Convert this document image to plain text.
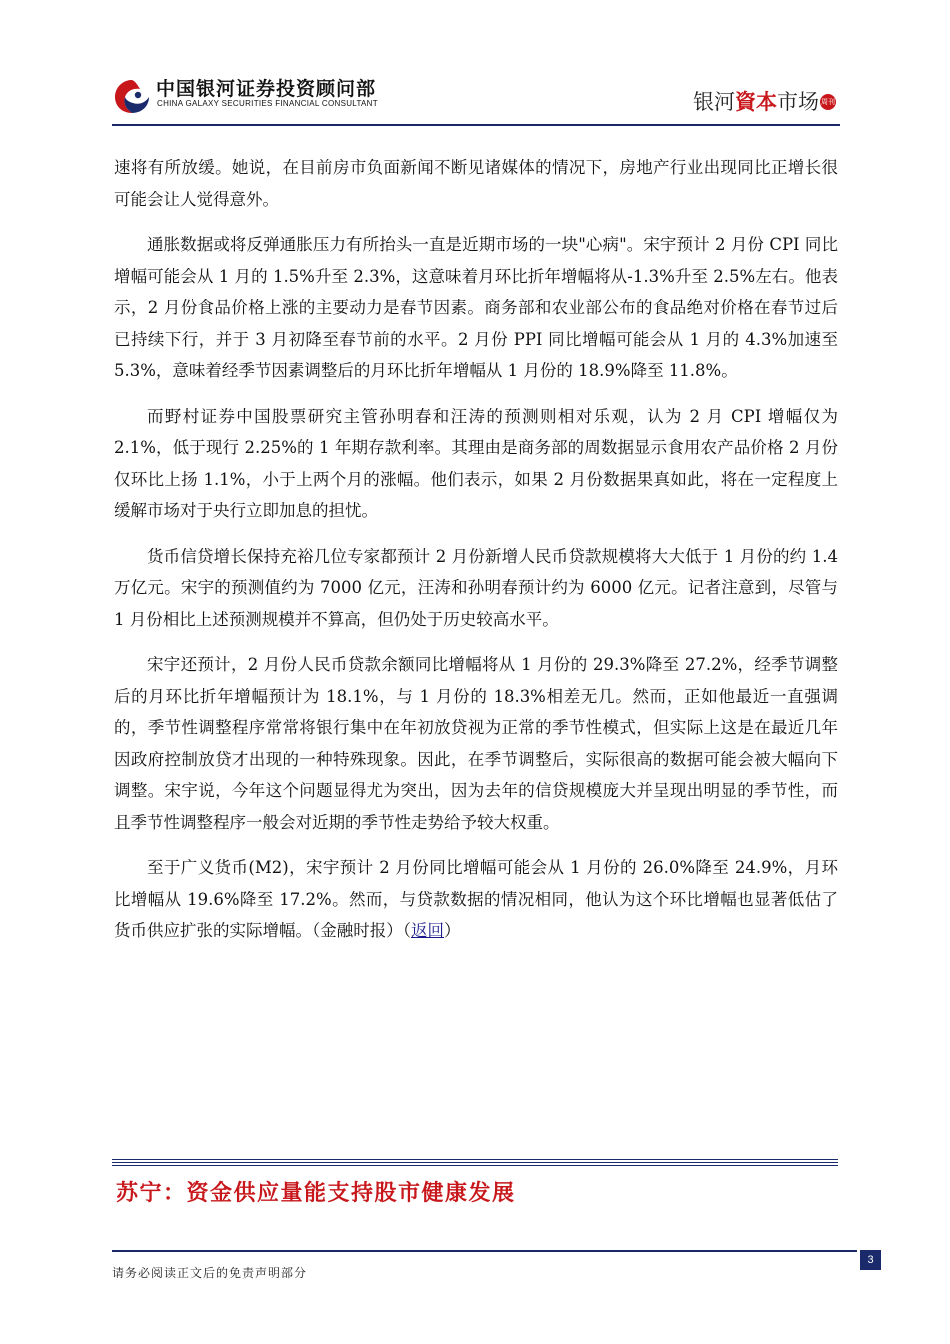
中国银河证券投资顾问部
CHINA GALAXY SECURITIES FINANCIAL CONSULTANT	银河資本市场 周刊

速将有所放缓。她说，在目前房市负面新闻不断见诸媒体的情况下，房地产行业出现同比正增长很可能会让人觉得意外。

通胀数据或将反弹通胀压力有所抬头一直是近期市场的一块"心病"。宋宇预计 2 月份 CPI 同比增幅可能会从 1 月的 1.5%升至 2.3%，这意味着月环比折年增幅将从-1.3%升至 2.5%左右。他表示，2 月份食品价格上涨的主要动力是春节因素。商务部和农业部公布的食品绝对价格在春节过后已持续下行，并于 3 月初降至春节前的水平。2 月份 PPI 同比增幅可能会从 1 月的 4.3%加速至 5.3%，意味着经季节因素调整后的月环比折年增幅从 1 月份的 18.9%降至 11.8%。

而野村证券中国股票研究主管孙明春和汪涛的预测则相对乐观，认为 2 月 CPI 增幅仅为 2.1%，低于现行 2.25%的 1 年期存款利率。其理由是商务部的周数据显示食用农产品价格 2 月份仅环比上扬 1.1%，小于上两个月的涨幅。他们表示，如果 2 月份数据果真如此，将在一定程度上缓解市场对于央行立即加息的担忧。

货币信贷增长保持充裕几位专家都预计 2 月份新增人民币贷款规模将大大低于 1 月份的约 1.4 万亿元。宋宇的预测值约为 7000 亿元，汪涛和孙明春预计约为 6000 亿元。记者注意到，尽管与 1 月份相比上述预测规模并不算高，但仍处于历史较高水平。

宋宇还预计，2 月份人民币贷款余额同比增幅将从 1 月份的 29.3%降至 27.2%，经季节调整后的月环比折年增幅预计为 18.1%，与 1 月份的 18.3%相差无几。然而，正如他最近一直强调的，季节性调整程序常常将银行集中在年初放贷视为正常的季节性模式，但实际上这是在最近几年因政府控制放贷才出现的一种特殊现象。因此，在季节调整后，实际很高的数据可能会被大幅向下调整。宋宇说，今年这个问题显得尤为突出，因为去年的信贷规模庞大并呈现出明显的季节性，而且季节性调整程序一般会对近期的季节性走势给予较大权重。

至于广义货币(M2)，宋宇预计 2 月份同比增幅可能会从 1 月份的 26.0%降至 24.9%，月环比增幅从 19.6%降至 17.2%。然而，与贷款数据的情况相同，他认为这个环比增幅也显著低估了货币供应扩张的实际增幅。（金融时报）（返回）

苏宁：资金供应量能支持股市健康发展
请务必阅读正文后的免责声明部分
3
